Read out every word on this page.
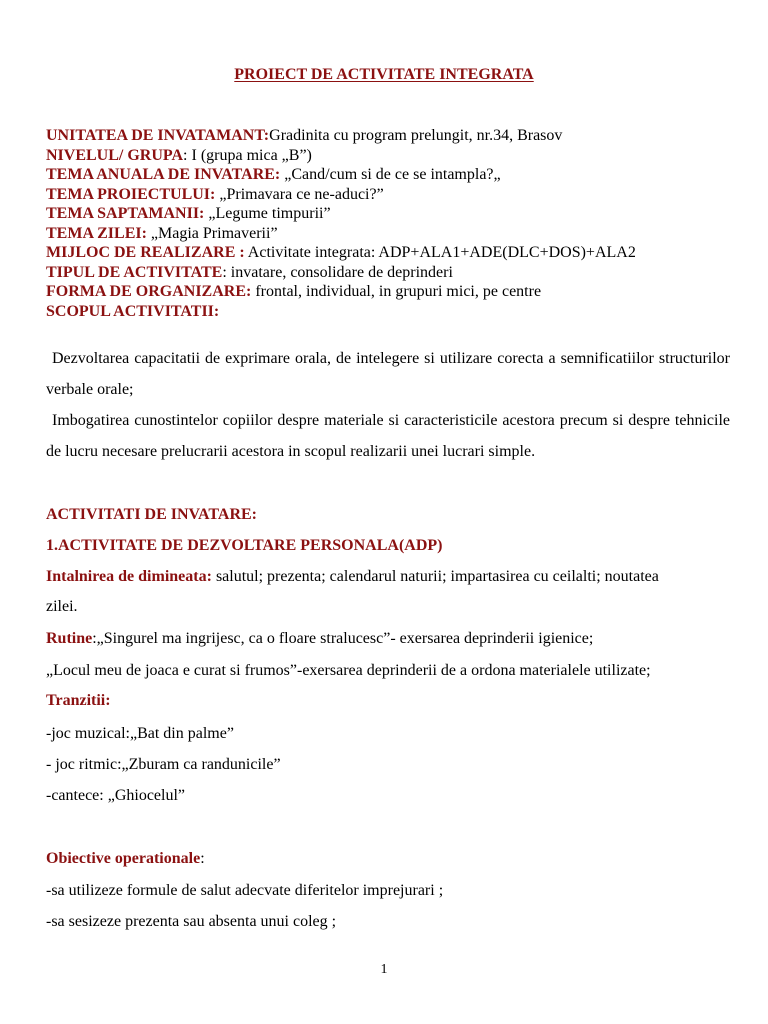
PROIECT DE ACTIVITATE INTEGRATA
UNITATEA DE INVATAMANT:Gradinita cu program prelungit, nr.34, Brasov
NIVELUL/ GRUPA: I (grupa mica „B”)
TEMA ANUALA DE INVATARE: „Cand/cum si de ce se intampla?„
TEMA PROIECTULUI: „Primavara ce ne-aduci?”
TEMA SAPTAMANII: „Legume timpurii”
TEMA ZILEI: „Magia Primaverii”
MIJLOC DE REALIZARE : Activitate integrata: ADP+ALA1+ADE(DLC+DOS)+ALA2
TIPUL DE ACTIVITATE: invatare, consolidare de deprinderi
FORMA DE ORGANIZARE: frontal, individual, in grupuri mici, pe centre
SCOPUL ACTIVITATII:
Dezvoltarea capacitatii de exprimare orala, de intelegere si utilizare corecta a semnificatiilor structurilor verbale orale;
Imbogatirea cunostintelor copiilor despre materiale si caracteristicile acestora precum si despre tehnicile de lucru necesare prelucrarii acestora in scopul realizarii unei lucrari simple.
ACTIVITATI DE INVATARE:
1.ACTIVITATE DE DEZVOLTARE PERSONALA(ADP)
Intalnirea de dimineata: salutul; prezenta; calendarul naturii; impartasirea cu ceilalti; noutatea
zilei.
Rutine:„Singurel ma ingrijesc, ca o floare stralucesc”- exersarea deprinderii igienice;
„Locul meu de joaca e curat si frumos”-exersarea deprinderii de a ordona materialele utilizate;
Tranzitii:
-joc muzical:„Bat din palme”
- joc ritmic:„Zburam ca randunicile”
-cantece: „Ghiocelul”
Obiective operationale:
-sa utilizeze formule de salut adecvate diferitelor imprejurari ;
-sa sesizeze prezenta sau absenta unui coleg ;
1
